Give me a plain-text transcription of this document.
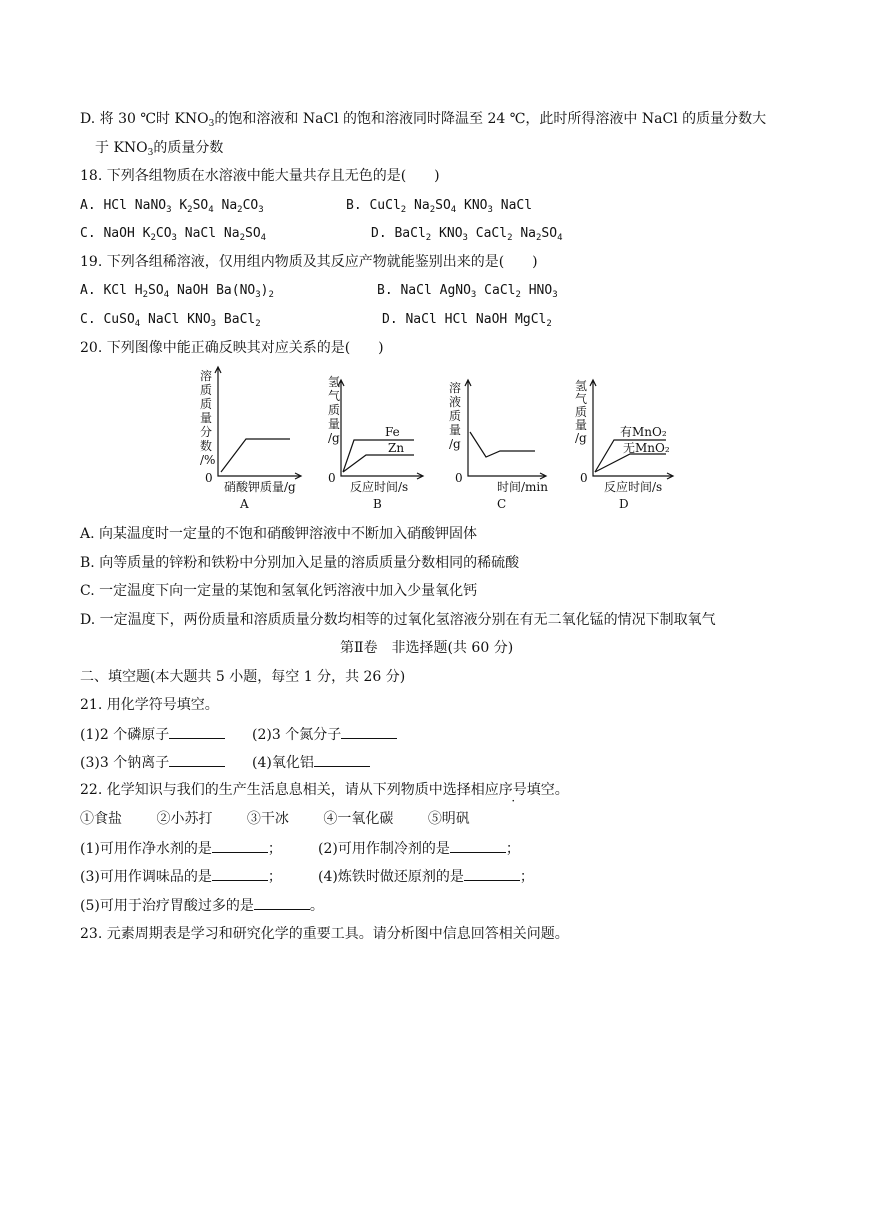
D. 将 30 ℃时 $KNO_3$的饱和溶液和 NaCl 的饱和溶液同时降温至 24 ℃，此时所得溶液中 NaCl 的质量分数大
于 $KNO_3$的质量分数
18. 下列各组物质在水溶液中能大量共存且无色的是(　　)
A. HCl NaNO$_3$ $K_2SO_4$ $Na_2CO_3$	B. CuCl$_2$ $Na_2SO_4$ $KNO_3$ NaCl
C. NaOH $K_2CO_3$ NaCl $Na_2SO_4$	D. BaCl$_2$ $KNO_3$ CaCl$_2$ $Na_2SO_4$
19. 下列各组稀溶液，仅用组内物质及其反应产物就能鉴别出来的是(　　)
A. KCl $H_2SO_4$ NaOH $Ba(NO_3)_2$	B. NaCl AgNO$_3$ CaCl$_2$ $HNO_3$
C. CuSO$_4$ NaCl $KNO_3$ BaCl$_2$	D. NaCl HCl NaOH MgCl$_2$
20. 下列图像中能正确反映其对应关系的是(　　)
溶
质
质
量
分
数
/%
0
硝酸钾质量/g
A
氢
气
质
量
/g	Fe
Zn
0
反应时间/s
B
溶
液
质
量
/g
0
时间/min
C
氢
气
质
量
/g	有MnO₂
无MnO₂
0
反应时间/s
D
A. 向某温度时一定量的不饱和硝酸钾溶液中不断加入硝酸钾固体
B. 向等质量的锌粉和铁粉中分别加入足量的溶质质量分数相同的稀硫酸
C. 一定温度下向一定量的某饱和氢氧化钙溶液中加入少量氧化钙
D. 一定温度下，两份质量和溶质质量分数均相等的过氧化氢溶液分别在有无二氧化锰的情况下制取氧气
第Ⅱ卷　非选择题(共 60 分)
二、填空题(本大题共 5 小题，每空 1 分，共 26 分)
21. 用化学符号填空。
(1)2 个磷原子	(2)3 个氮分子
(3)3 个钠离子	(4)氧化铝
22. 化学知识与我们的生产生活息息相关，请从下列物质中选择相应序号填空。
①食盐 ②小苏打 ③干冰 ④一氧化碳 ⑤明矾
(1)可用作净水剂的是	；	(2)可用作制冷剂的是	；
(3)可用作调味品的是	；	(4)炼铁时做还原剂的是	；
(5)可用于治疗胃酸过多的是	。
23. 元素周期表是学习和研究化学的重要工具。请分析图中信息回答相关问题。
